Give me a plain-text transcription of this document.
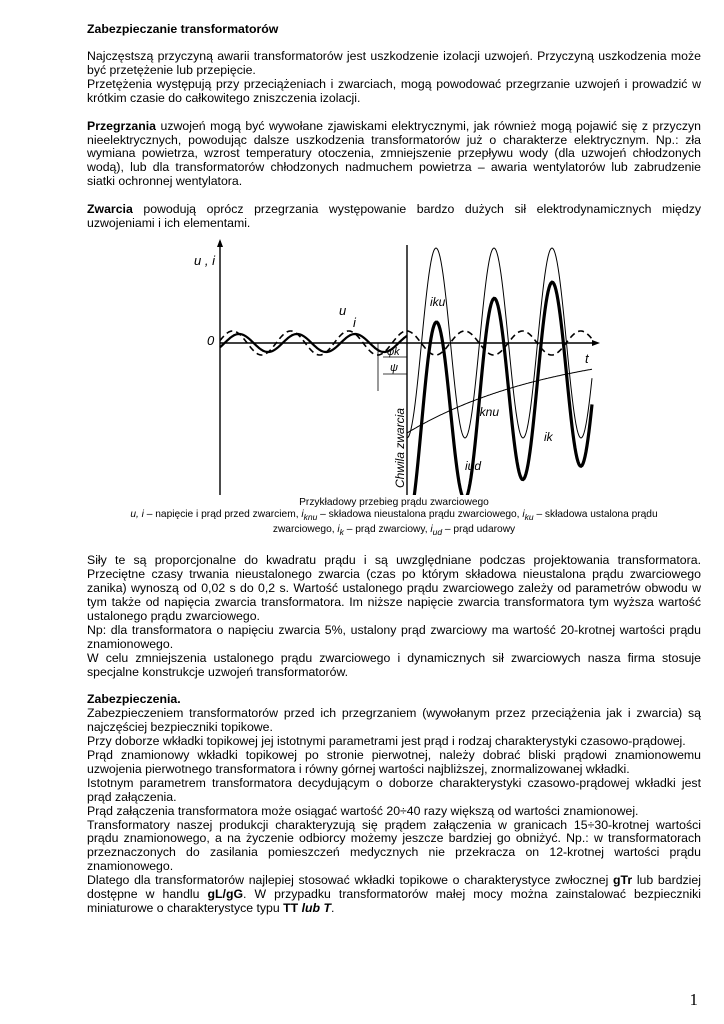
Zabezpieczanie transformatorów

Najczęstszą przyczyną awarii transformatorów jest uszkodzenie izolacji uzwojeń. Przyczyną uszkodzenia może być przetężenie lub przepięcie.

Przetężenia występują przy przeciążeniach i zwarciach, mogą powodować przegrzanie uzwojeń i prowadzić w krótkim czasie do całkowitego zniszczenia izolacji.

Przegrzania uzwojeń mogą być wywołane zjawiskami elektrycznymi, jak również mogą pojawić się z przyczyn nieelektrycznych, powodując dalsze uszkodzenia transformatorów już o charakterze elektrycznym. Np.: zła wymiana powietrza, wzrost temperatury otoczenia, zmniejszenie przepływu wody (dla uzwojeń chłodzonych wodą), lub dla transformatorów chłodzonych nadmuchem powietrza – awaria wentylatorów lub zabrudzenie siatki ochronnej wentylatora.

Zwarcia powodują oprócz przegrzania występowanie bardzo dużych sił elektrodynamicznych między uzwojeniami i ich elementami.

u , i
0
t
u
i
iku
iknu
ik
iud
φk
ψ
Chwila zwarcia
Przykładowy przebieg prądu zwarciowego
u, i – napięcie i prąd przed zwarciem, $i_{knu}$ – składowa nieustalona prądu zwarciowego, $i_{ku}$ – składowa ustalona prądu
zwarciowego, $i_k$ – prąd zwarciowy, $i_{ud}$ – prąd udarowy

Siły te są proporcjonalne do kwadratu prądu i są uwzględniane podczas projektowania transformatora. Przeciętne czasy trwania nieustalonego zwarcia (czas po którym składowa nieustalona prądu zwarciowego zanika) wynoszą od 0,02 s do 0,2 s. Wartość ustalonego prądu zwarciowego zależy od parametrów obwodu w tym także od napięcia zwarcia transformatora. Im niższe napięcie zwarcia transformatora tym wyższa wartość ustalonego prądu zwarciowego.

Np: dla transformatora o napięciu zwarcia 5%, ustalony prąd zwarciowy ma wartość 20-krotnej wartości prądu znamionowego.

W celu zmniejszenia ustalonego prądu zwarciowego i dynamicznych sił zwarciowych nasza firma stosuje specjalne konstrukcje uzwojeń transformatorów.

Zabezpieczenia.

Zabezpieczeniem transformatorów przed ich przegrzaniem (wywołanym przez przeciążenia jak i zwarcia) są najczęściej bezpieczniki topikowe.

Przy doborze wkładki topikowej jej istotnymi parametrami jest prąd i rodzaj charakterystyki czasowo-prądowej.

Prąd znamionowy wkładki topikowej po stronie pierwotnej, należy dobrać bliski prądowi znamionowemu uzwojenia pierwotnego transformatora i równy górnej wartości najbliższej, znormalizowanej wkładki.

Istotnym parametrem transformatora decydującym o doborze charakterystyki czasowo-prądowej wkładki jest prąd załączenia.

Prąd załączenia transformatora może osiągać wartość 20÷40 razy większą od wartości znamionowej.

Transformatory naszej produkcji charakteryzują się prądem załączenia w granicach 15÷30-krotnej wartości prądu znamionowego, a na życzenie odbiorcy możemy jeszcze bardziej go obniżyć. Np.: w transformatorach przeznaczonych do zasilania pomieszczeń medycznych nie przekracza on 12-krotnej wartości prądu znamionowego.

Dlatego dla transformatorów najlepiej stosować wkładki topikowe o charakterystyce zwłocznej gTr lub bardziej dostępne w handlu gL/gG. W przypadku transformatorów małej mocy można zainstalować bezpieczniki miniaturowe o charakterystyce typu TT lub T.

1
